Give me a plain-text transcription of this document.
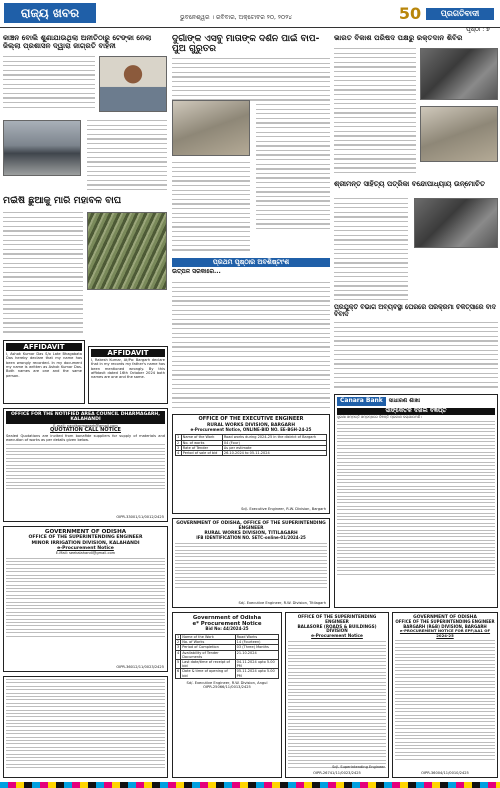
ରାଜ୍ୟ ଖବର	ଭୁବନେଶ୍ୱର । ରବିବାର, ଅକ୍ଟୋବର ୨୦, ୨୦୨୪	50	ପ୍ରଗତିବାଦୀ
ପୃଷ୍ଠା : ୭
କାଞ୍ଚନ ବୋଲି ଶୁଣାଯାଉଥିଲା ଅନୀତିଠାରୁ ଟେଙ୍କା ନେଲା ଜିଲ୍ଲା ପ୍ରଶାସନ ଦ୍ୱାରା ଜାଗ୍ରତି ବାହିନୀ
ଦୁର୍ଗାଙ୍କ ଏସବୁ ମାତାଙ୍କ ଦର୍ଶନ ପାଇଁ ବାପ-ପୁଅ ଗୁରୁତର
ଭାରତ ବିକାଶ ପରିଷଦ ପକ୍ଷରୁ ରକ୍ତଦାନ ଶିବିର
ମଇଁଷି ଛୁଆକୁ ମାରି ମହାବଳ ବାଘ
ଶ୍ରୀମନ୍ତ ସାହିତ୍ୟ ପତ୍ରିକା ବନ୍ଦୋପାଧ୍ୟାୟ ଉନ୍ମୋଚିତ
ପ୍ରଥମ ପୃଷ୍ଠାର ଅବଶିଷ୍ଟାଂଶ
ଉତ୍ପଳ ସରକାରେ...
ପ୍ରଯୁକ୍ତି ବିଭାଗ ଅବ୍ୟବସ୍ଥା ଘେରରେ ପରିକ୍ରମା ଚିକିତ୍ସାରେ ବାଦ ବିବାଦ
AFFIDAVIT
I, Ashok Kumar Das S/o Late Bhagabata Das hereby declare that my name has been wrongly recorded. In my document my name is written as Ashok Kumar Das. Both names are one and the same person.
AFFIDAVIT
I, Rakesh Kumar, At/Po: Bargarh declare that in my records my father's name has been mentioned wrongly. By this affidavit dated 16th October 2024 both names are one and the same.
OFFICE FOR THE NOTIFIED AREA COUNCIL DHARMAGARH, KALAHANDI
E-mail: nacdharmagarh@gmail.com
QUOTATION CALL NOTICE
Sealed Quotations are invited from bonafide suppliers for supply of materials and execution of works as per details given below.
OIPR-33001/11/0012/2425
GOVERNMENT OF ODISHA
OFFICE OF THE SUPERINTENDING ENGINEER
MINOR IRRIGATION DIVISION, KALAHANDI
e-Procurement Notice
E-Mail: seekalahandi@gmail.com
OIPR-36012/11/0023/2425
OFFICE OF THE EXECUTIVE ENGINEER
RURAL WORKS DIVISION, BARGARH
e-Procurement Notice, ONLINE-BID NO. EE-BGH-24-25
1	Name of the Work	Road works during 2024-25 in the district of Bargarh
2	No. of works	04 (Four)
3	Rate of Tender	As per estimate
4	Period of sale of bid	26.10.2024 to 05.11.2024
Sd/- Executive Engineer, R.W. Division, Bargarh
GOVERNMENT OF ODISHA, OFFICE OF THE SUPERINTENDING ENGINEER
RURAL WORKS DIVISION, TITILAGARH
IFB IDENTIFICATION NO. SETC-online-01/2024-25
Sd/- Executive Engineer, R.W. Division, Titilagarh
Canara Bank	ସାଧାରଣ ଶାଖା
ସାଙ୍କେତିକ ଦଖଲ ବିଜ୍ଞପ୍ତି
ସୁରକ୍ଷା ସମ୍ପତ୍ତି ସମ୍ବନ୍ଧରେ ବିଜ୍ଞପ୍ତି ପ୍ରକାଶ କରାଯାଉଅଛି।
Government of Odisha
e* Procurement Notice
Bid No: 44/2024-25
1	Name of the Work	Road Works
2	No. of Works	14 (Fourteen)
3	Period of Completion	03 (Three) Months
4	Availability of Tender Documents	21.10.2024
5	Last date/time of receipt of bid	04.11.2024 upto 5.00 PM
6	Date & time of opening of bid	05.11.2024 upto 5.00 PM
Sd/- Executive Engineer, R.W. Division, Angul
OIPR-25066/11/0013/2425
OFFICE OF THE SUPERINTENDING ENGINEER
BALASORE (ROADS & BUILDINGS) DIVISION
e-Procurement Notice
Sd/- Superintending Engineer
OIPR-26741/11/0023/2425
GOVERNMENT OF ODISHA
OFFICE OF THE SUPERINTENDING ENGINEER
BARGARH (R&B) DIVISION, BARGARH
e-PROCUREMENT NOTICE FOR EPF/AA1 OF 2024-25
OIPR-36004/11/0010/2425
